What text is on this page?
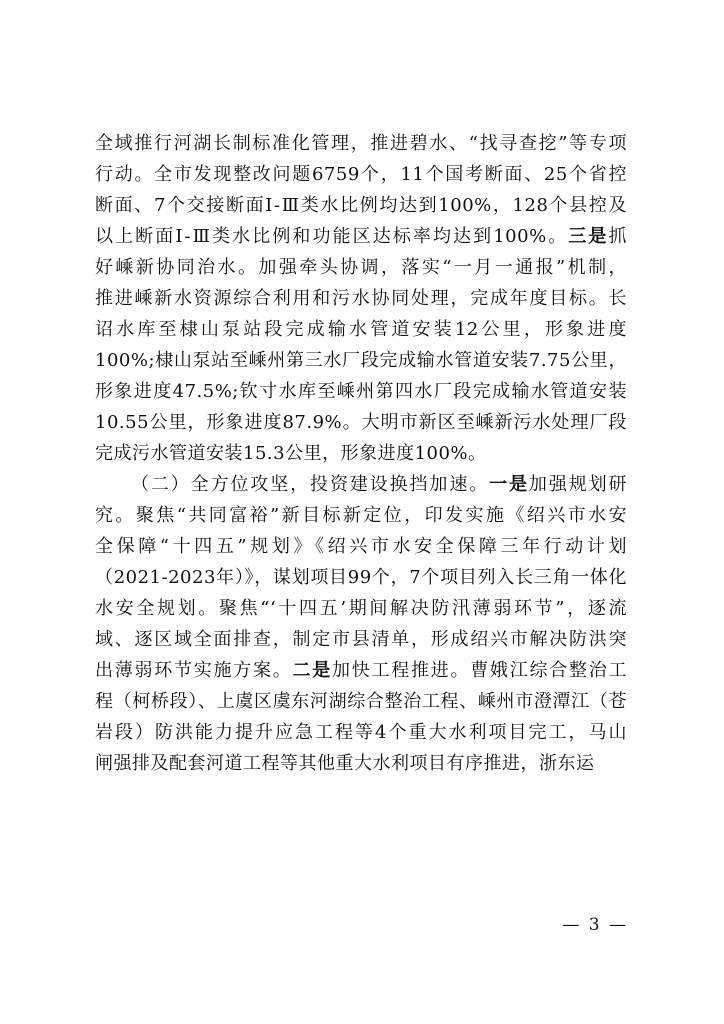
全域推行河湖长制标准化管理，推进碧水、“找寻查挖”等专项
行动。全市发现整改问题6759个，11个国考断面、25个省控
断面、7个交接断面Ⅰ-Ⅲ类水比例均达到100%，128个县控及
以上断面Ⅰ-Ⅲ类水比例和功能区达标率均达到100%。三是抓
好嵊新协同治水。加强牵头协调，落实“一月一通报”机制，
推进嵊新水资源综合利用和污水协同处理，完成年度目标。长
诏水库至棣山泵站段完成输水管道安装12公里，形象进度
100%;棣山泵站至嵊州第三水厂段完成输水管道安装7.75公里，
形象进度47.5%;钦寸水库至嵊州第四水厂段完成输水管道安装
10.55公里，形象进度87.9%。大明市新区至嵊新污水处理厂段
完成污水管道安装15.3公里，形象进度100%。
（二）全方位攻坚，投资建设换挡加速。一是加强规划研
究。聚焦“共同富裕”新目标新定位，印发实施《绍兴市水安
全保障“十四五”规划》《绍兴市水安全保障三年行动计划
（2021-2023年）》，谋划项目99个，7个项目列入长三角一体化
水安全规划。聚焦“‘十四五’期间解决防汛薄弱环节”，逐流
域、逐区域全面排查，制定市县清单，形成绍兴市解决防洪突
出薄弱环节实施方案。二是加快工程推进。曹娥江综合整治工
程（柯桥段）、上虞区虞东河湖综合整治工程、嵊州市澄潭江（苍
岩段）防洪能力提升应急工程等4个重大水利项目完工，马山
闸强排及配套河道工程等其他重大水利项目有序推进，浙东运
— 3 —
